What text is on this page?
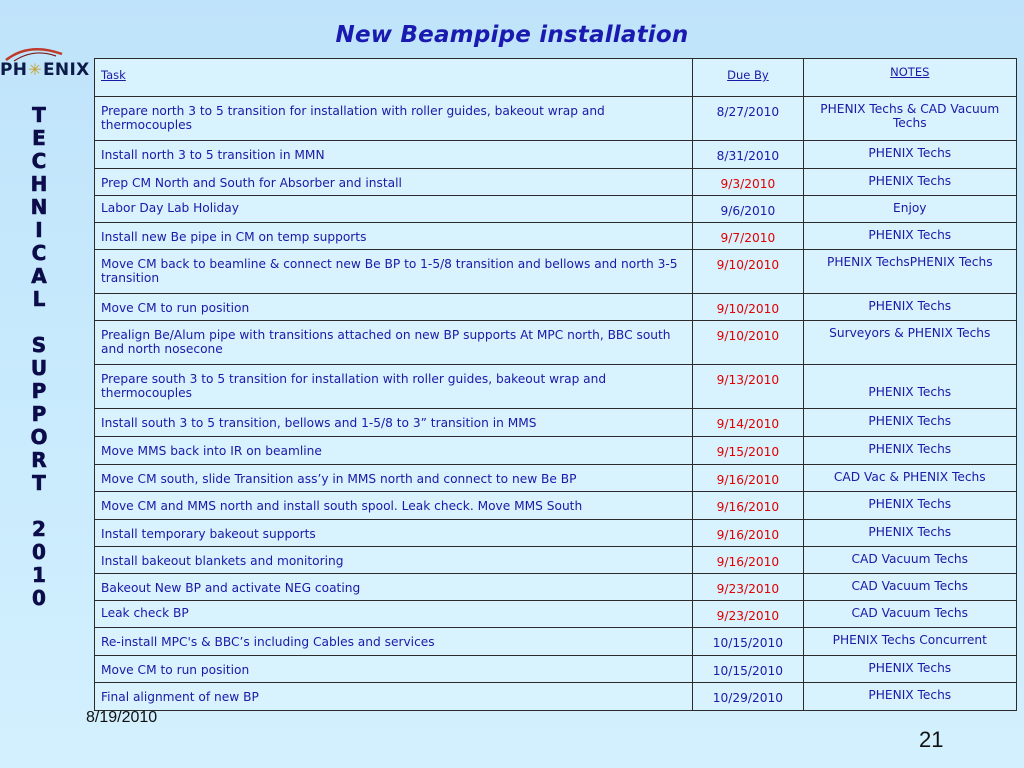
New Beampipe installation
PH✳ENIX
T
E
C
H
N
I
C
A
L
S
U
P
P
O
R
T
2
0
1
0
Task	Due By	NOTES
Prepare north 3 to 5 transition for installation with roller guides, bakeout wrap and thermocouples	8/27/2010	PHENIX Techs & CAD Vacuum Techs
Install north 3 to 5 transition in MMN	8/31/2010	PHENIX Techs
Prep CM North and South for Absorber and install	9/3/2010	PHENIX Techs
Labor Day Lab Holiday	9/6/2010	Enjoy
Install new Be pipe in CM on temp supports	9/7/2010	PHENIX Techs
Move CM back to beamline & connect new Be BP to 1-5/8 transition and bellows and north 3-5 transition	9/10/2010	PHENIX TechsPHENIX Techs
Move CM to run position	9/10/2010	PHENIX Techs
Prealign Be/Alum pipe with transitions attached on new BP supports At MPC north, BBC south and north nosecone	9/10/2010	Surveyors & PHENIX Techs
Prepare south 3 to 5 transition for installation with roller guides, bakeout wrap and thermocouples	9/13/2010	PHENIX Techs
Install south 3 to 5 transition, bellows and 1-5/8 to 3” transition in MMS	9/14/2010	PHENIX Techs
Move MMS back into IR on beamline	9/15/2010	PHENIX Techs
Move CM south, slide Transition ass’y in MMS north and connect to new Be BP	9/16/2010	CAD Vac & PHENIX Techs
Move CM and MMS north and install south spool. Leak check. Move MMS South	9/16/2010	PHENIX Techs
Install temporary bakeout supports	9/16/2010	PHENIX Techs
Install bakeout blankets and monitoring	9/16/2010	CAD Vacuum Techs
Bakeout New BP and activate NEG coating	9/23/2010	CAD Vacuum Techs
Leak check BP	9/23/2010	CAD Vacuum Techs
Re-install MPC's & BBC’s including Cables and services	10/15/2010	PHENIX Techs Concurrent
Move CM to run position	10/15/2010	PHENIX Techs
Final alignment of new BP	10/29/2010	PHENIX Techs
8/19/2010
21
